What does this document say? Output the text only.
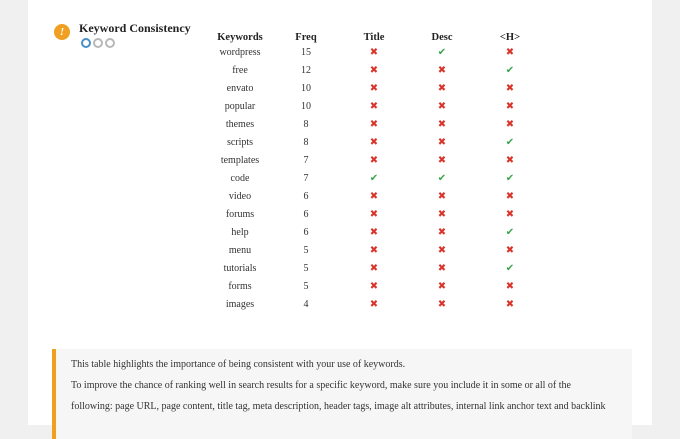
!	Keyword Consistency
Keywords	Freq	Title	Desc	<H>
wordpress	15	✖	✔	✖
free	12	✖	✖	✔
envato	10	✖	✖	✖
popular	10	✖	✖	✖
themes	8	✖	✖	✖
scripts	8	✖	✖	✔
templates	7	✖	✖	✖
code	7	✔	✔	✔
video	6	✖	✖	✖
forums	6	✖	✖	✖
help	6	✖	✖	✔
menu	5	✖	✖	✖
tutorials	5	✖	✖	✔
forms	5	✖	✖	✖
images	4	✖	✖	✖

This table highlights the importance of being consistent with your use of keywords.

To improve the chance of ranking well in search results for a specific keyword, make sure you include it in some or all of the

following: page URL, page content, title tag, meta description, header tags, image alt attributes, internal link anchor text and backlink
